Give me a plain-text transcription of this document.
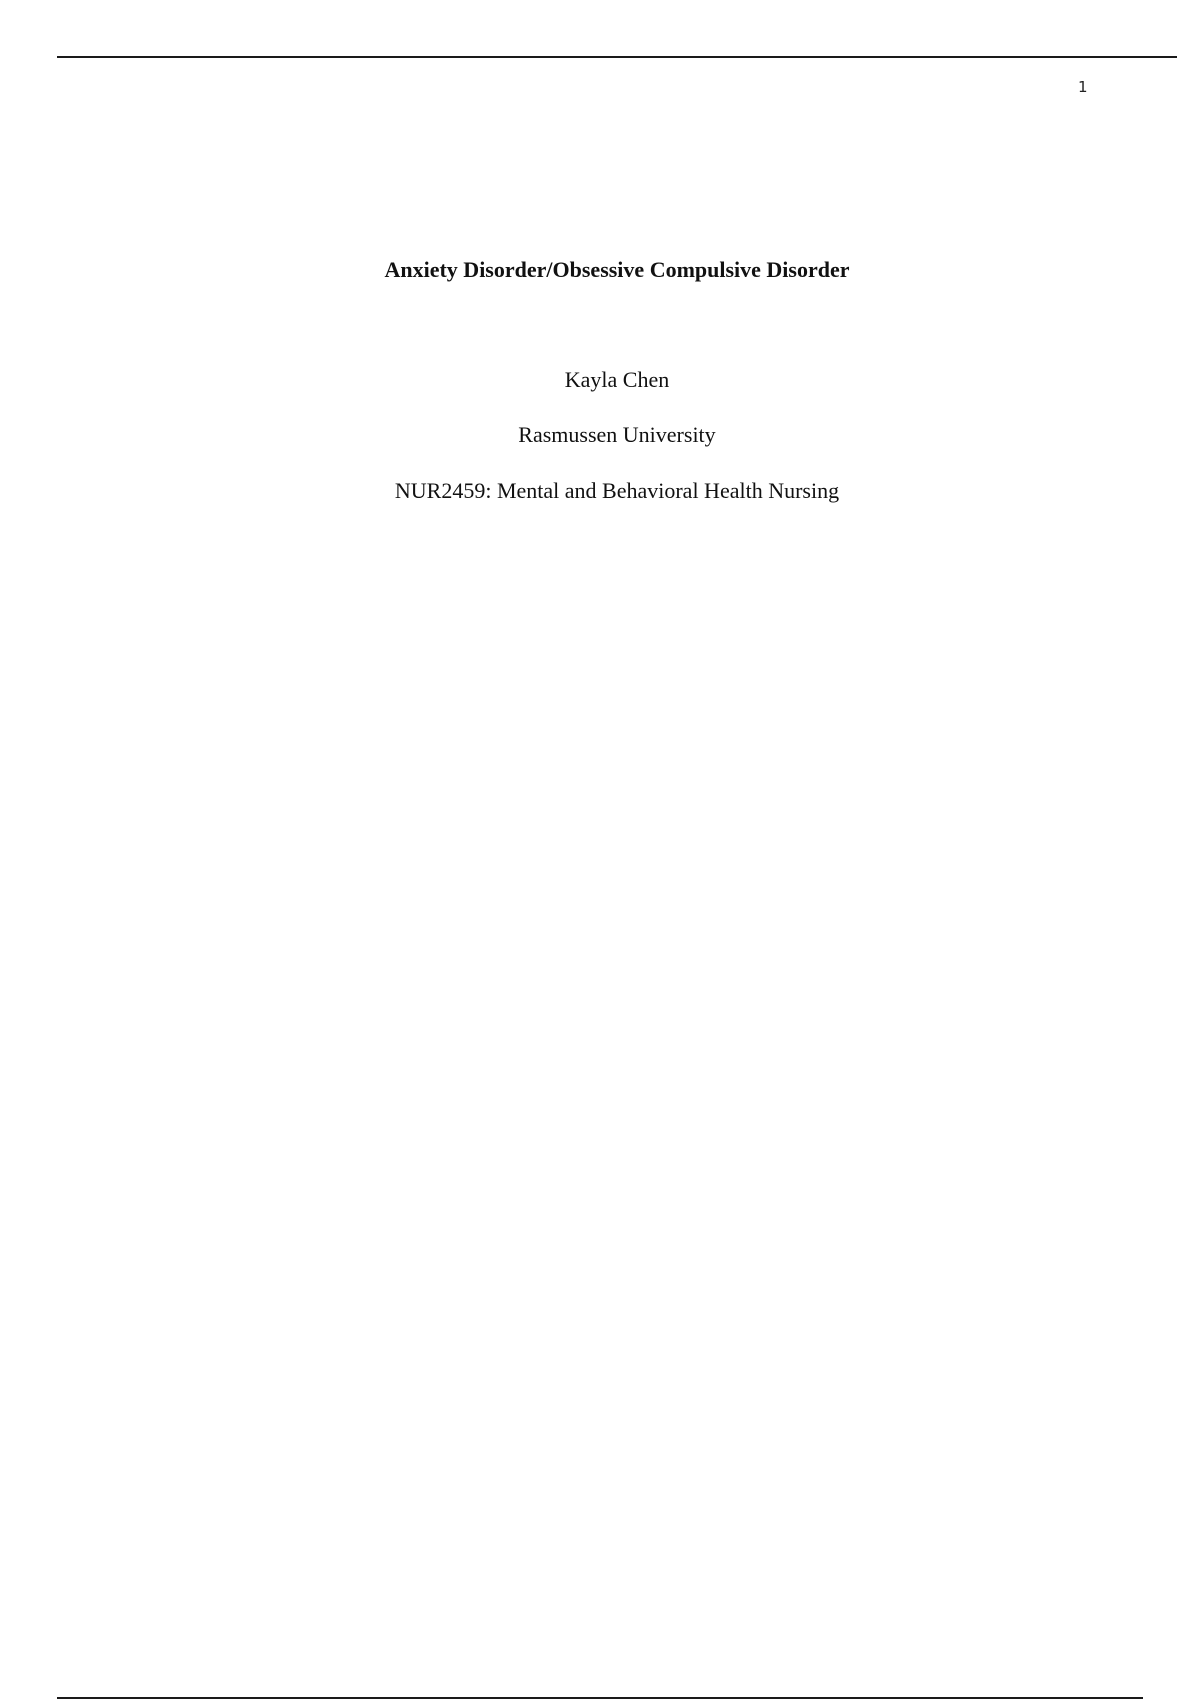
1
Anxiety Disorder/Obsessive Compulsive Disorder
Kayla Chen
Rasmussen University
NUR2459: Mental and Behavioral Health Nursing
